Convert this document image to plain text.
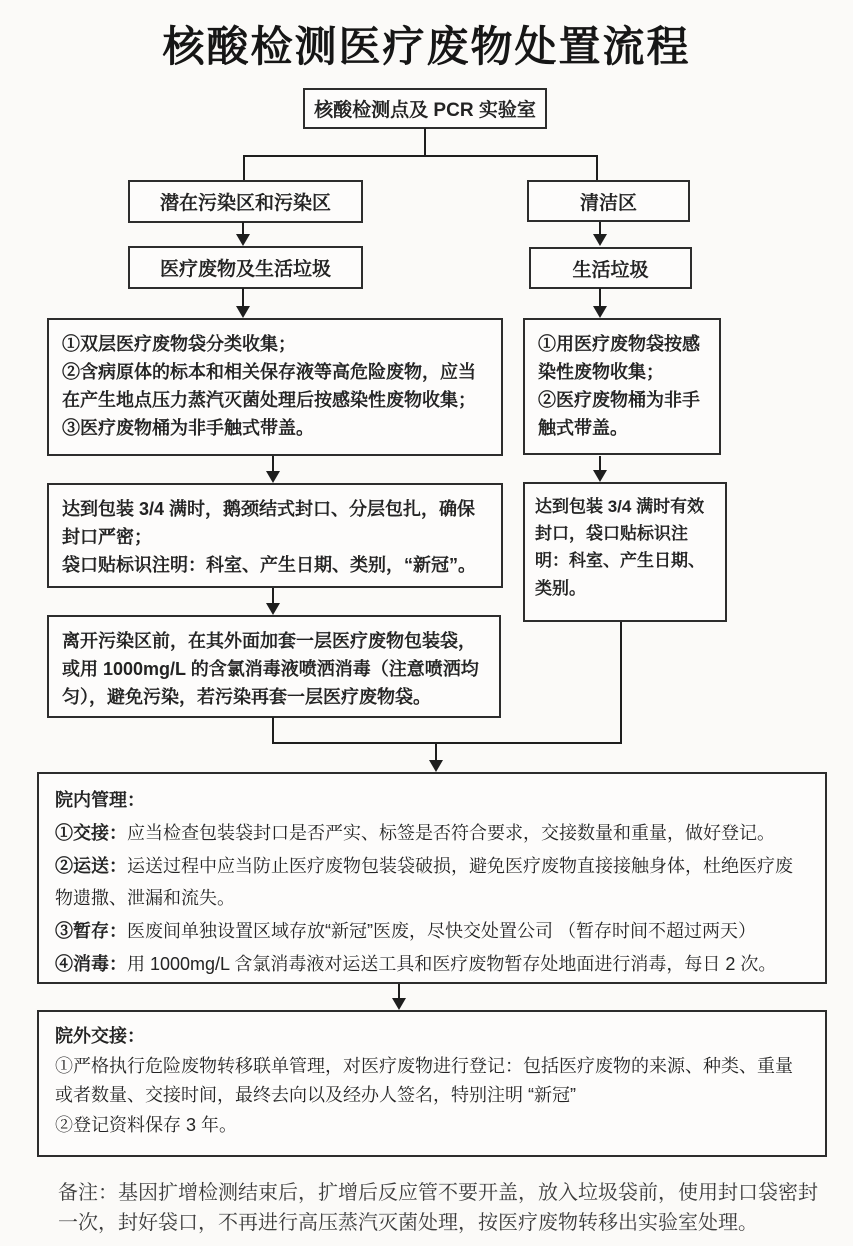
核酸检测医疗废物处置流程
核酸检测点及 PCR 实验室
潜在污染区和污染区	清洁区
医疗废物及生活垃圾	生活垃圾

①双层医疗废物袋分类收集；

②含病原体的标本和相关保存液等高危险废物，应当在产生地点压力蒸汽灭菌处理后按感染性废物收集；

③医疗废物桶为非手触式带盖。

①用医疗废物袋按感染性废物收集；

②医疗废物桶为非手触式带盖。

达到包装 3/4 满时，鹅颈结式封口、分层包扎，确保封口严密；

袋口贴标识注明：科室、产生日期、类别，“新冠”。

达到包装 3/4 满时有效封口，袋口贴标识注明：科室、产生日期、类别。

离开污染区前，在其外面加套一层医疗废物包装袋，或用 1000mg/L 的含氯消毒液喷洒消毒（注意喷洒均匀），避免污染，若污染再套一层医疗废物袋。

院内管理：
①交接：应当检查包装袋封口是否严实、标签是否符合要求，交接数量和重量，做好登记。
②运送：运送过程中应当防止医疗废物包装袋破损，避免医疗废物直接接触身体，杜绝医疗废物遗撒、泄漏和流失。
③暂存：医废间单独设置区域存放“新冠”医废，尽快交处置公司 （暂存时间不超过两天）
④消毒：用 1000mg/L 含氯消毒液对运送工具和医疗废物暂存处地面进行消毒，每日 2 次。
院外交接：
①严格执行危险废物转移联单管理，对医疗废物进行登记：包括医疗废物的来源、种类、重量或者数量、交接时间，最终去向以及经办人签名，特别注明 “新冠”
②登记资料保存 3 年。
备注：基因扩增检测结束后，扩增后反应管不要开盖，放入垃圾袋前，使用封口袋密封一次，封好袋口，不再进行高压蒸汽灭菌处理，按医疗废物转移出实验室处理。
